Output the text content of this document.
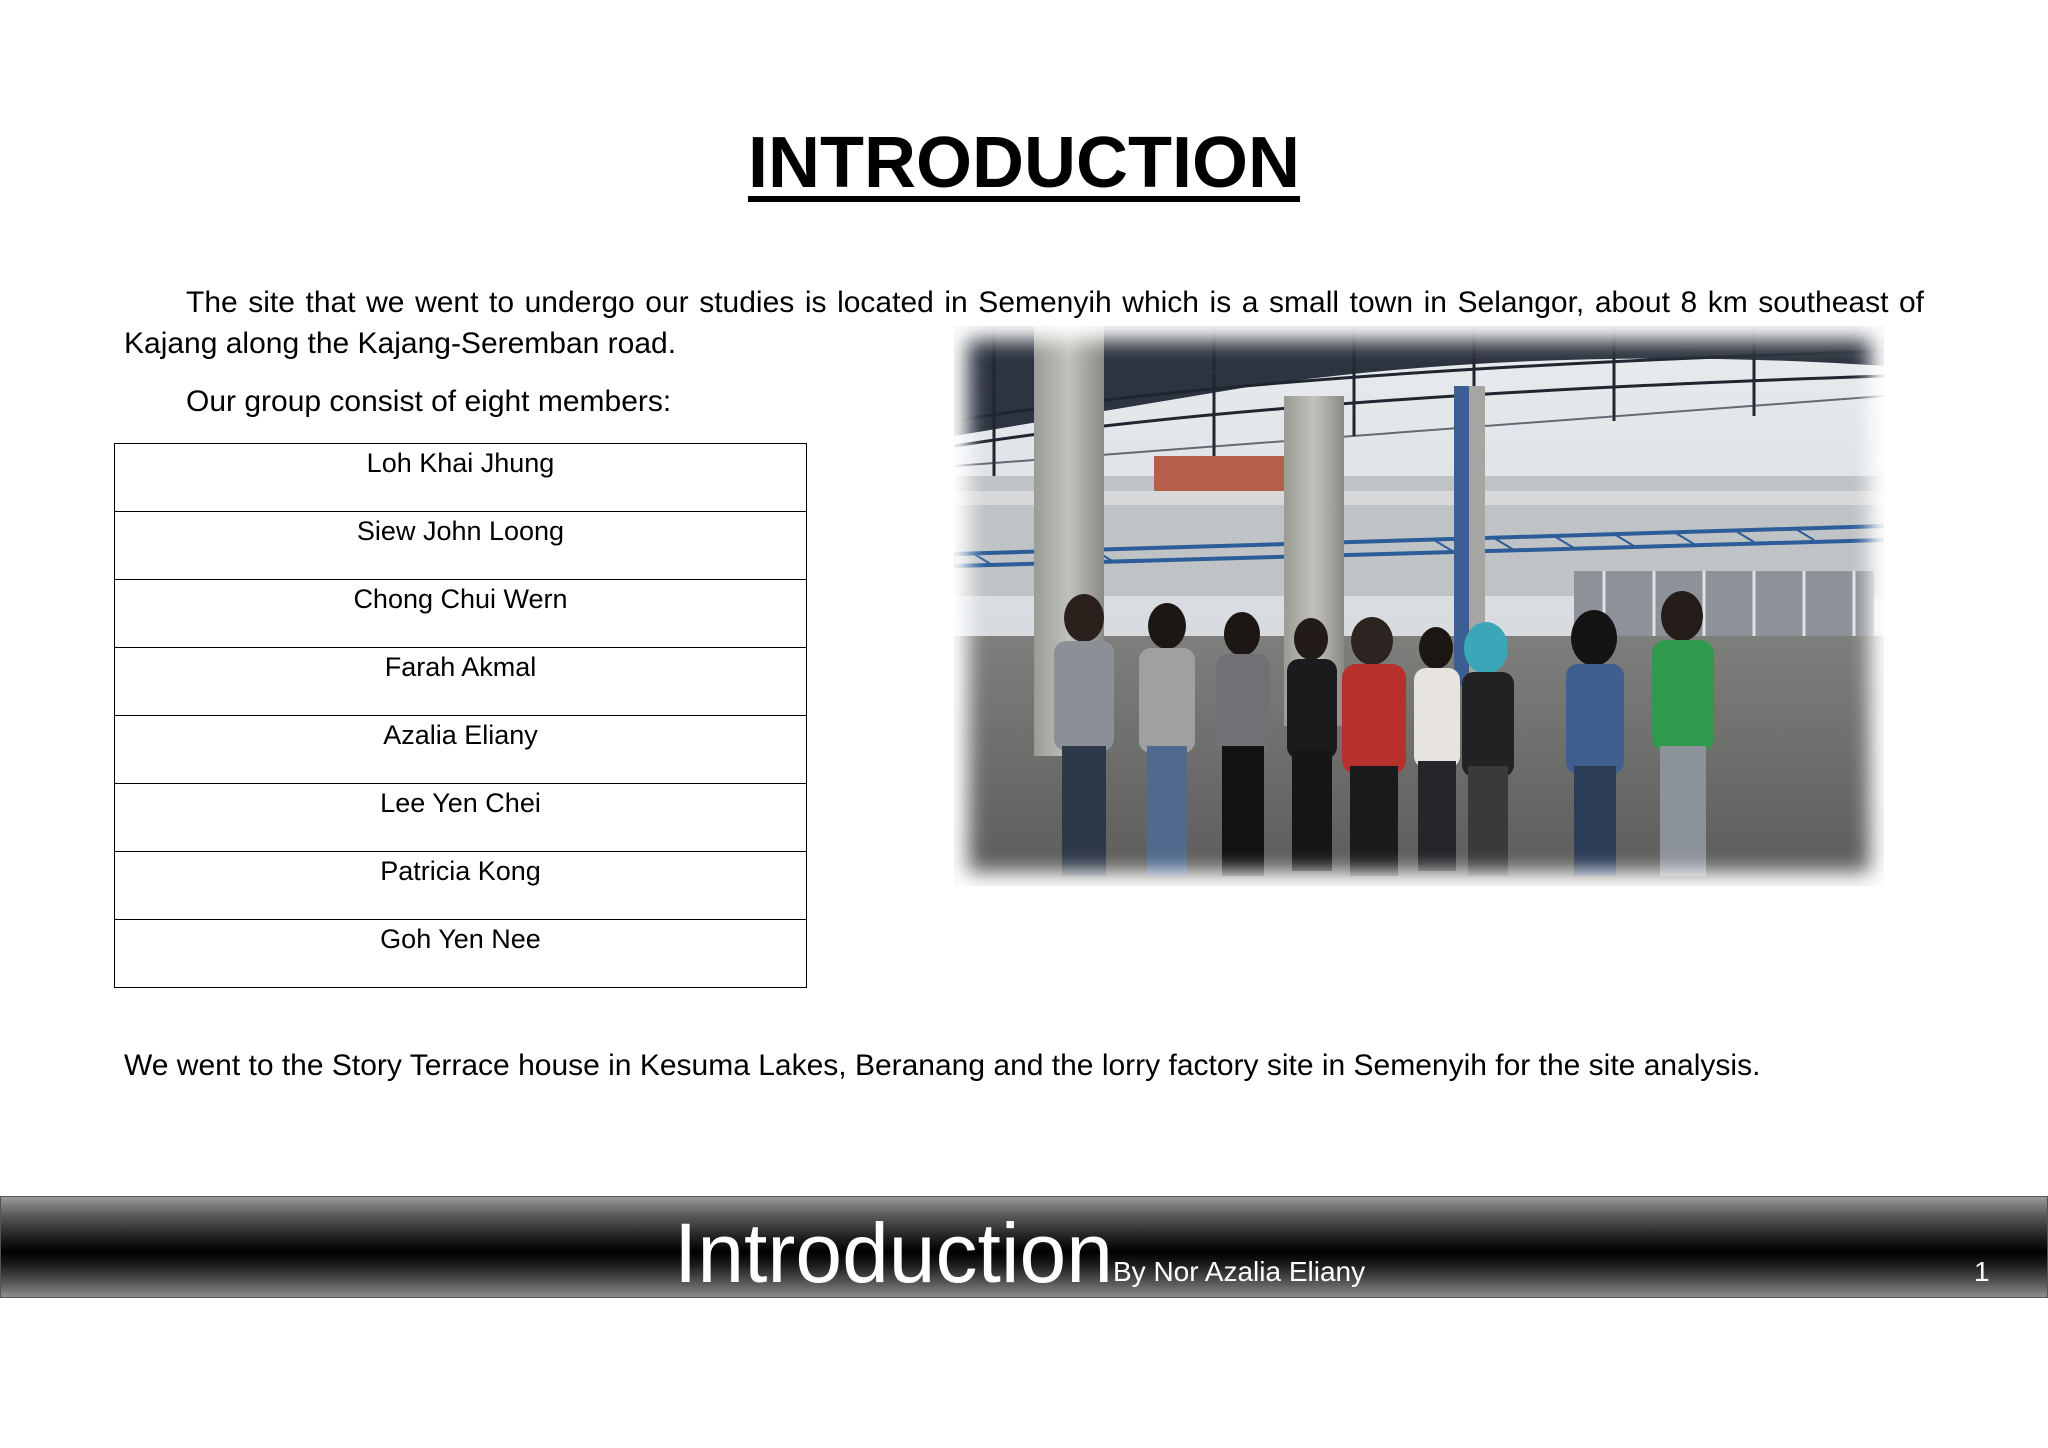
INTRODUCTION

The site that we went to undergo our studies is located in Semenyih which is a small town in Selangor, about 8 km southeast of Kajang along the Kajang-Seremban road.

Our group consist of eight members:

Loh Khai Jhung
Siew John Loong
Chong Chui Wern
Farah Akmal
Azalia Eliany
Lee Yen Chei
Patricia Kong
Goh Yen Nee

We went to the Story Terrace house in Kesuma Lakes, Beranang and the lorry factory site in Semenyih for the site analysis.

Introduction By Nor Azalia Eliany	1
